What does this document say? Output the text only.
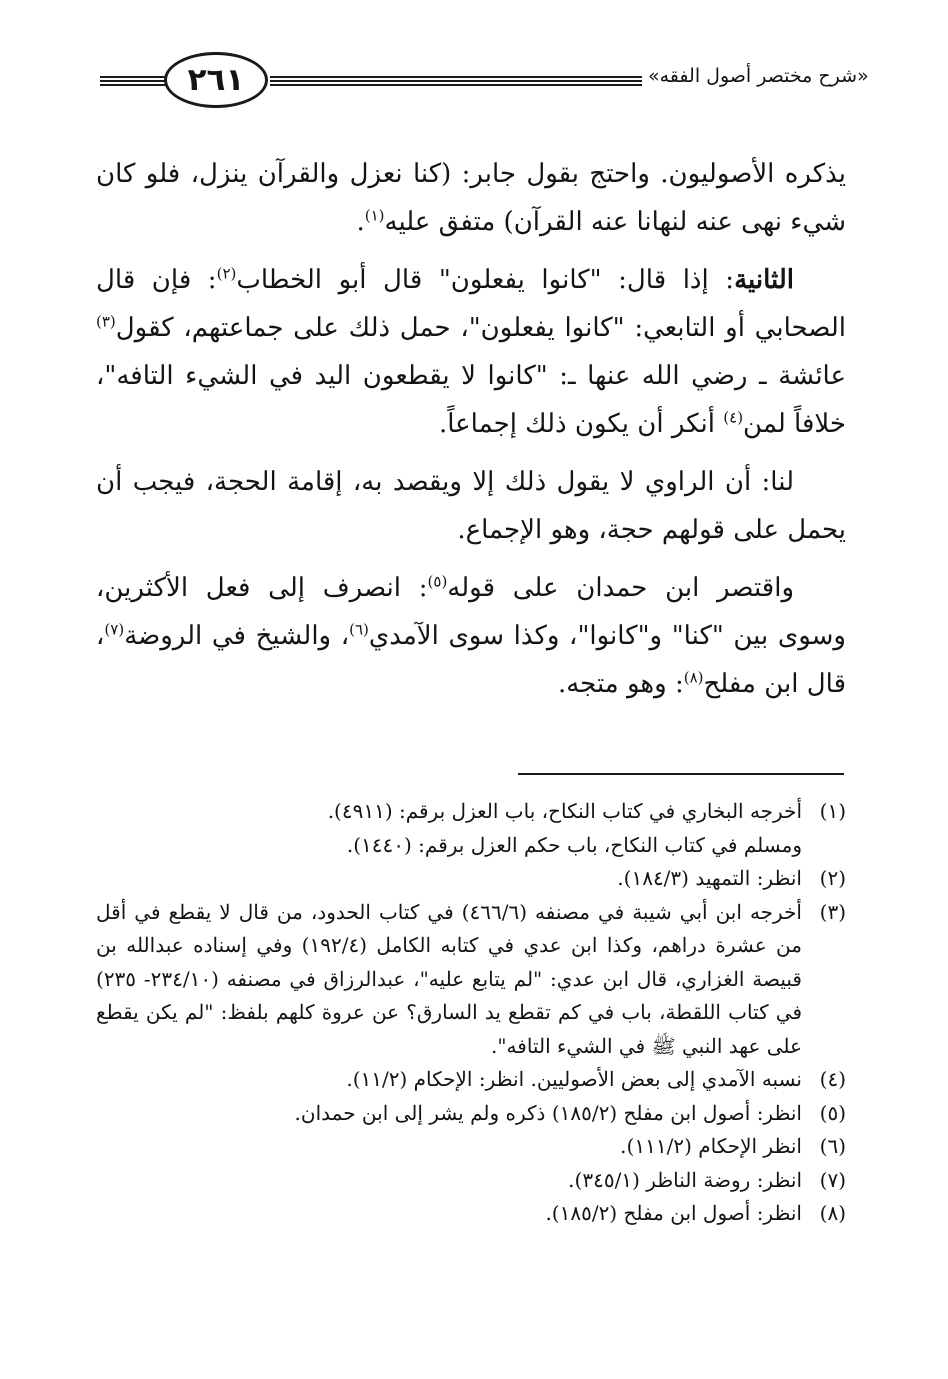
٢٦١	«شرح مختصر أصول الفقه»

يذكره الأصوليون. واحتج بقول جابر: (كنا نعزل والقرآن ينزل، فلو كان شيء نهى عنه لنهانا عنه القرآن) متفق عليه$^{(١)}$.

الثانية: إذا قال: "كانوا يفعلون" قال أبو الخطاب$^{(٢)}$: فإن قال الصحابي أو التابعي: "كانوا يفعلون"، حمل ذلك على جماعتهم، كقول$^{(٣)}$ عائشة ـ رضي الله عنها ـ: "كانوا لا يقطعون اليد في الشيء التافه"، خلافاً لمن$^{(٤)}$ أنكر أن يكون ذلك إجماعاً.

لنا: أن الراوي لا يقول ذلك إلا ويقصد به، إقامة الحجة، فيجب أن يحمل على قولهم حجة، وهو الإجماع.

واقتصر ابن حمدان على قوله$^{(٥)}$: انصرف إلى فعل الأكثرين، وسوى بين "كنا" و"كانوا"، وكذا سوى الآمدي$^{(٦)}$، والشيخ في الروضة$^{(٧)}$، قال ابن مفلح$^{(٨)}$: وهو متجه.

(١)
أخرجه البخاري في كتاب النكاح، باب العزل برقم: (٤٩١١).
ومسلم في كتاب النكاح، باب حكم العزل برقم: (١٤٤٠).
(٢)
انظر: التمهيد (١٨٤/٣).
(٣)
أخرجه ابن أبي شيبة في مصنفه (٤٦٦/٦) في كتاب الحدود، من قال لا يقطع في أقل من عشرة دراهم، وكذا ابن عدي في كتابه الكامل (١٩٢/٤) وفي إسناده عبدالله بن قبيصة الغزاري، قال ابن عدي: "لم يتابع عليه"، عبدالرزاق في مصنفه (٢٣٤/١٠- ٢٣٥) في كتاب اللقطة، باب في كم تقطع يد السارق؟ عن عروة كلهم بلفظ: "لم يكن يقطع على عهد النبي ﷺ في الشيء التافه".
(٤)
نسبه الآمدي إلى بعض الأصوليين. انظر: الإحكام (١١/٢).
(٥)
انظر: أصول ابن مفلح (١٨٥/٢) ذكره ولم يشر إلى ابن حمدان.
(٦)
انظر الإحكام (١١١/٢).
(٧)
انظر: روضة الناظر (٣٤٥/١).
(٨)
انظر: أصول ابن مفلح (١٨٥/٢).
